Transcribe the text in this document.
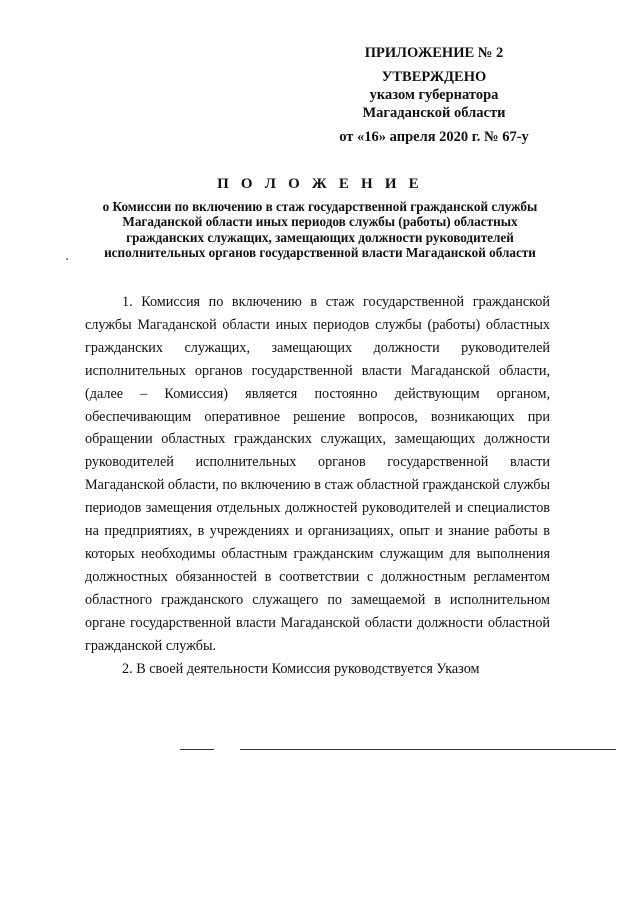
ПРИЛОЖЕНИЕ № 2
УТВЕРЖДЕНО
указом губернатора
Магаданской области
от «16» апреля 2020 г. № 67-у
П О Л О Ж Е Н И Е
о Комиссии по включению в стаж государственной гражданской службы Магаданской области иных периодов службы (работы) областных гражданских служащих, замещающих должности руководителей исполнительных органов государственной власти Магаданской области

1. Комиссия по включению в стаж государственной гражданской службы Магаданской области иных периодов службы (работы) областных гражданских служащих, замещающих должности руководителей исполнительных органов государственной власти Магаданской области, (далее – Комиссия) является постоянно действующим органом, обеспечивающим оперативное решение вопросов, возникающих при обращении областных гражданских служащих, замещающих должности руководителей исполнительных органов государственной власти Магаданской области, по включению в стаж областной гражданской службы периодов замещения отдельных должностей руководителей и специалистов на предприятиях, в учреждениях и организациях, опыт и знание работы в которых необходимы областным гражданским служащим для выполнения должностных обязанностей в соответствии с должностным регламентом областного гражданского служащего по замещаемой в исполнительном органе государственной власти Магаданской области должности областной гражданской службы.

2. В своей деятельности Комиссия руководствуется Указом
